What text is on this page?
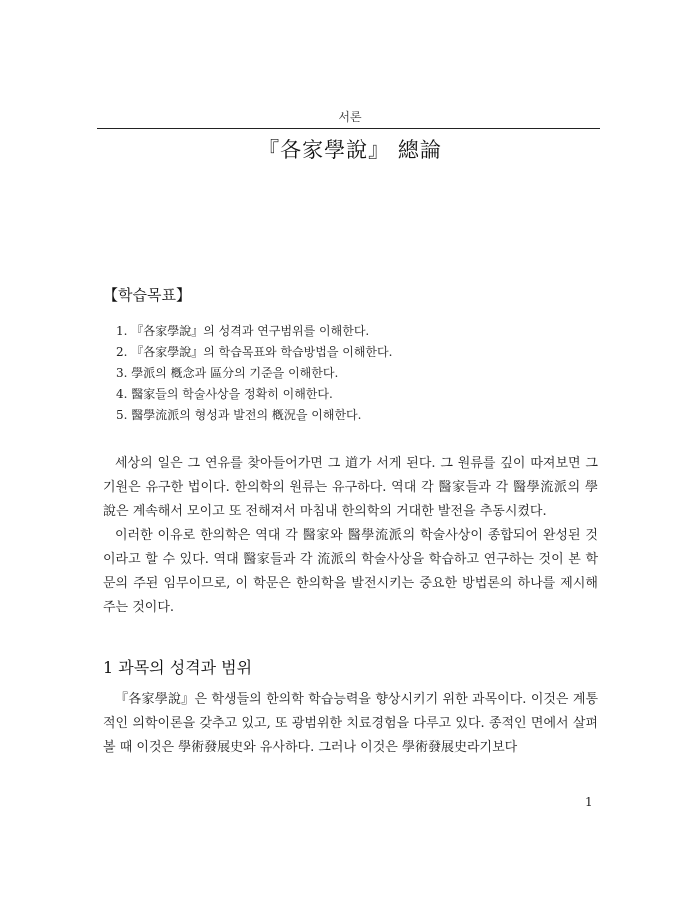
서론
『各家學說』 總論
【학습목표】
1. 『各家學說』의 성격과 연구범위를 이해한다.
2. 『各家學說』의 학습목표와 학습방법을 이해한다.
3. 學派의 槪念과 區分의 기준을 이해한다.
4. 醫家들의 학술사상을 정확히 이해한다.
5. 醫學流派의 형성과 발전의 槪況을 이해한다.

세상의 일은 그 연유를 찾아들어가면 그 道가 서게 된다. 그 원류를 깊이 따져보면 그 기원은 유구한 법이다. 한의학의 원류는 유구하다. 역대 각 醫家들과 각 醫學流派의 學說은 계속해서 모이고 또 전해져서 마침내 한의학의 거대한 발전을 추동시켰다.

이러한 이유로 한의학은 역대 각 醫家와 醫學流派의 학술사상이 종합되어 완성된 것이라고 할 수 있다. 역대 醫家들과 각 流派의 학술사상을 학습하고 연구하는 것이 본 학문의 주된 임무이므로, 이 학문은 한의학을 발전시키는 중요한 방법론의 하나를 제시해주는 것이다.

1 과목의 성격과 범위

『各家學說』은 학생들의 한의학 학습능력을 향상시키기 위한 과목이다. 이것은 계통적인 의학이론을 갖추고 있고, 또 광범위한 치료경험을 다루고 있다. 종적인 면에서 살펴볼 때 이것은 學術發展史와 유사하다. 그러나 이것은 學術發展史라기보다

1
